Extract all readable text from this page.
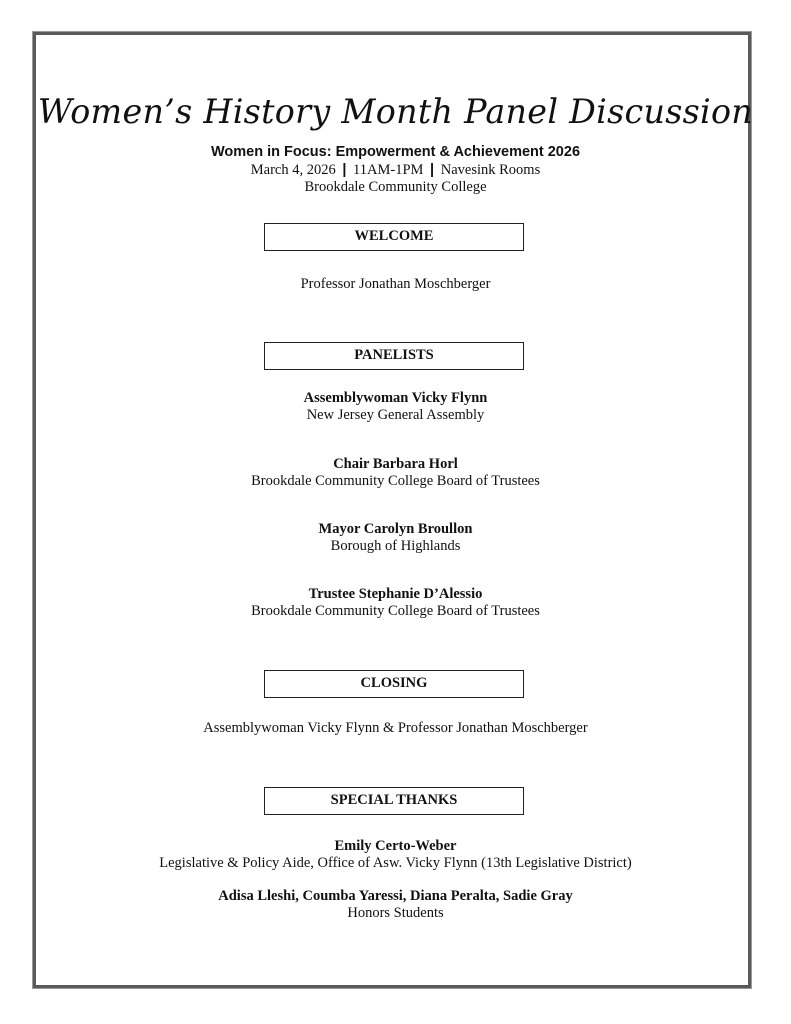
Women’s History Month Panel Discussion
Women in Focus: Empowerment & Achievement 2026
March 4, 2026 | 11AM-1PM | Navesink Rooms
Brookdale Community College
WELCOME
Professor Jonathan Moschberger
PANELISTS
Assemblywoman Vicky Flynn
New Jersey General Assembly
Chair Barbara Horl
Brookdale Community College Board of Trustees
Mayor Carolyn Broullon
Borough of Highlands
Trustee Stephanie D’Alessio
Brookdale Community College Board of Trustees
CLOSING
Assemblywoman Vicky Flynn & Professor Jonathan Moschberger
SPECIAL THANKS
Emily Certo-Weber
Legislative & Policy Aide, Office of Asw. Vicky Flynn (13th Legislative District)
Adisa Lleshi, Coumba Yaressi, Diana Peralta, Sadie Gray
Honors Students
